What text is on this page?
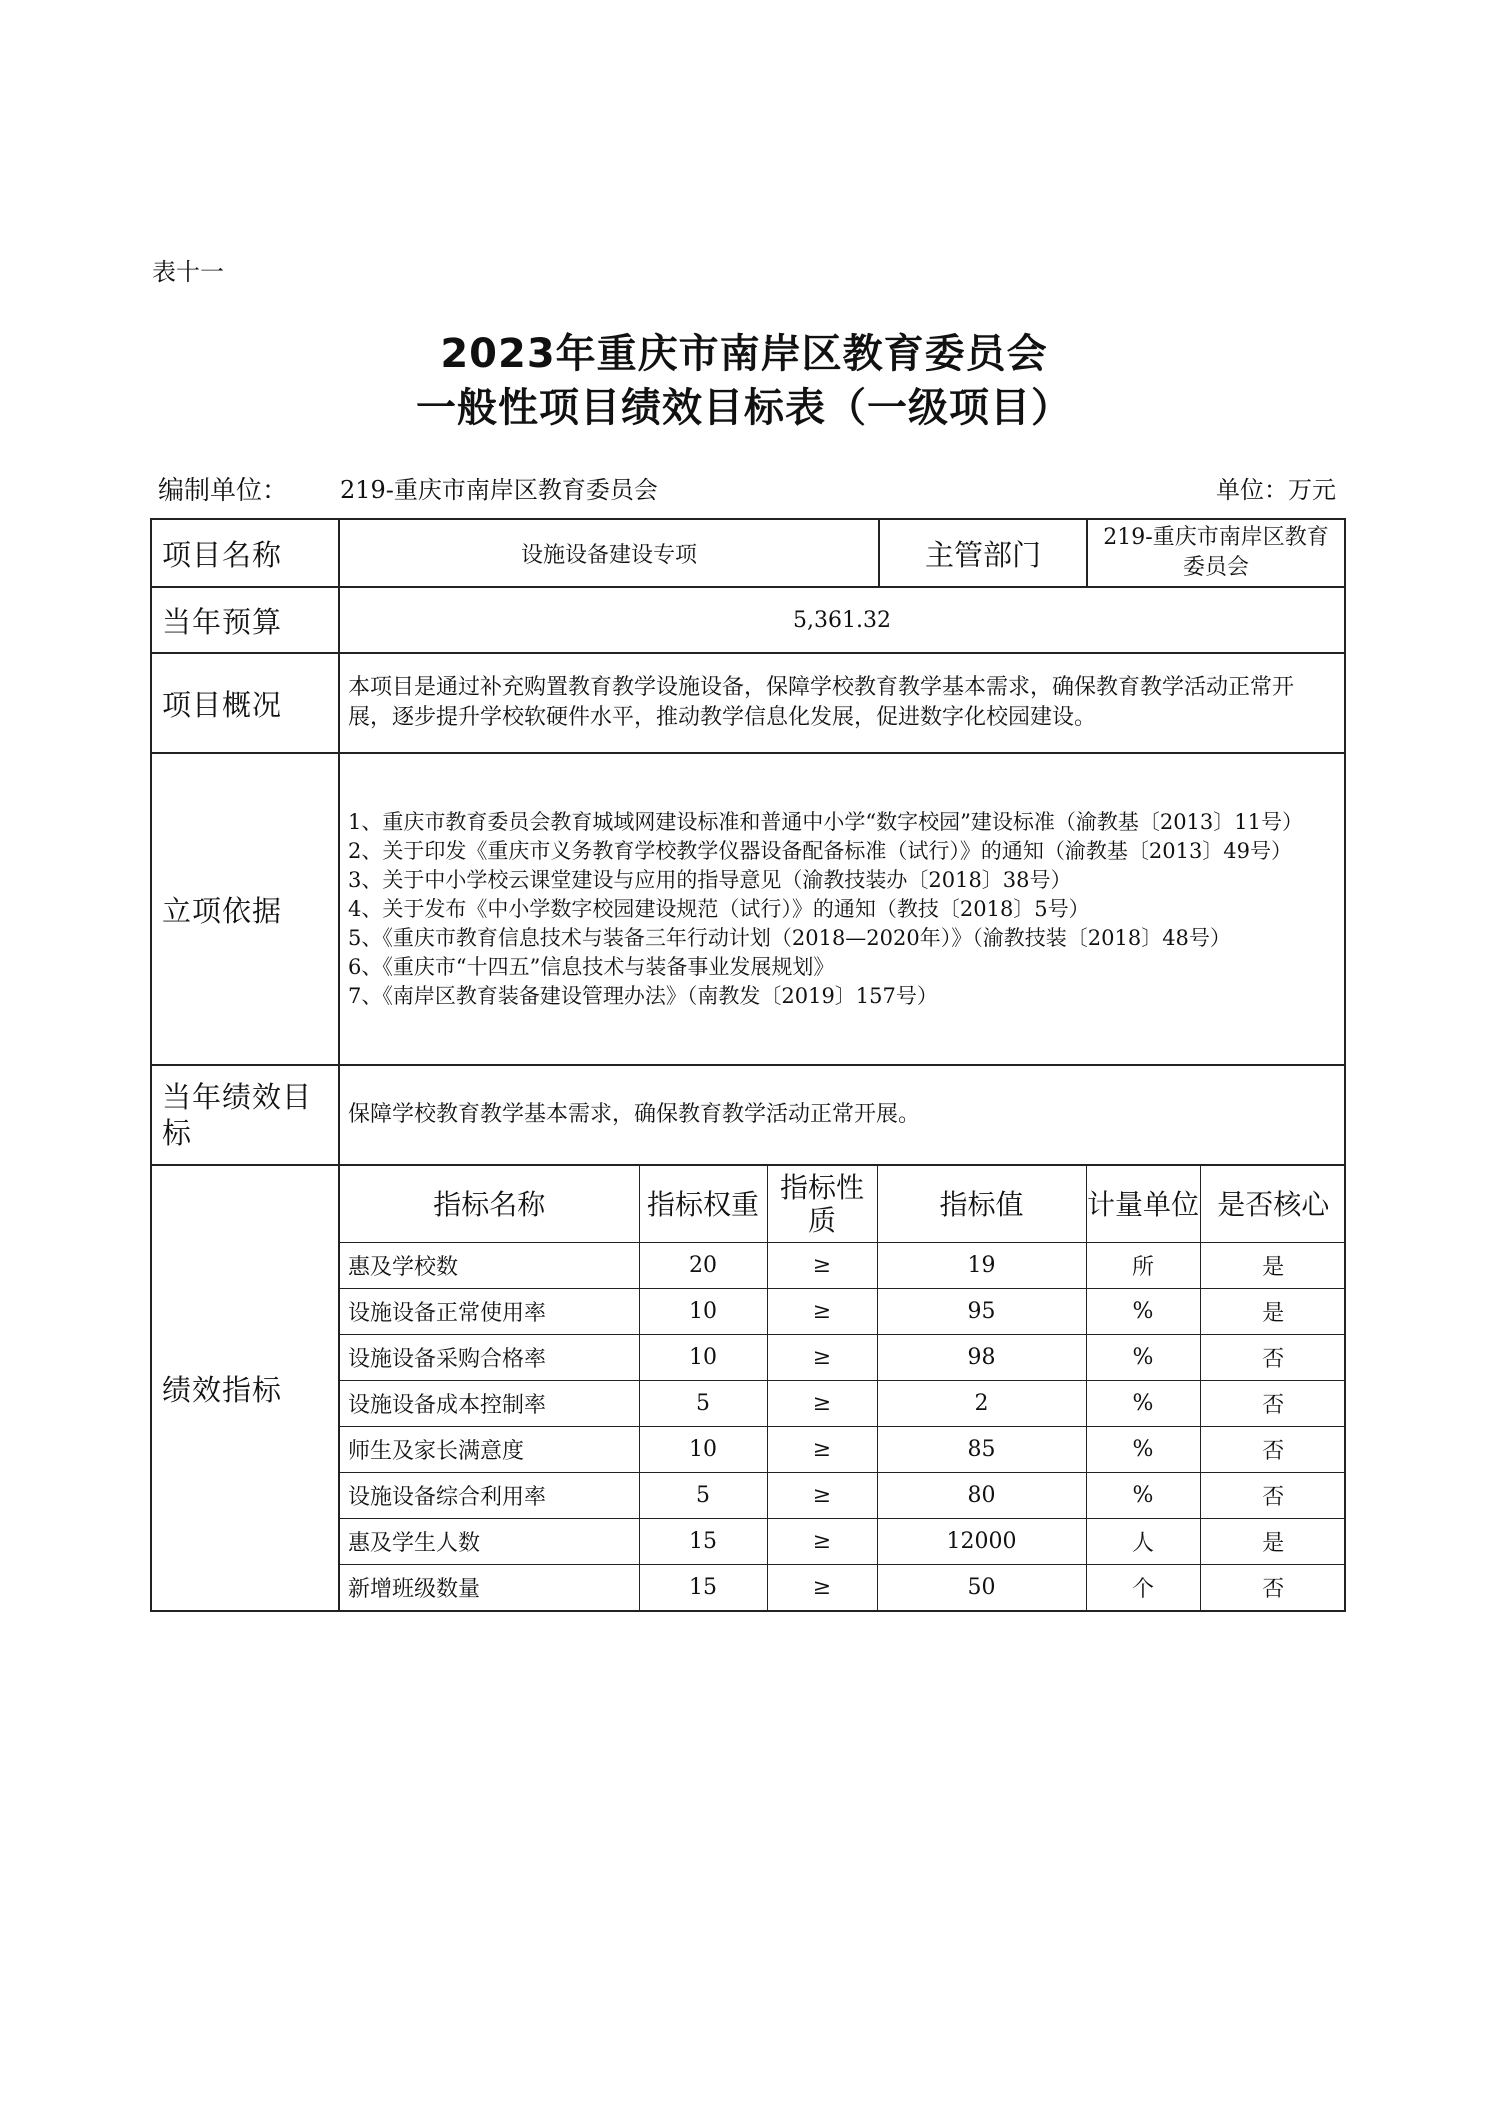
表十一
2023年重庆市南岸区教育委员会
一般性项目绩效目标表（一级项目）
编制单位： 219-重庆市南岸区教育委员会	单位：万元
项目名称	设施设备建设专项	主管部门	219-重庆市南岸区教育委员会
当年预算	5,361.32
项目概况	本项目是通过补充购置教育教学设施设备，保障学校教育教学基本需求，确保教育教学活动正常开展，逐步提升学校软硬件水平，推动教学信息化发展，促进数字化校园建设。
立项依据	

1、重庆市教育委员会教育城域网建设标准和普通中小学“数字校园”建设标准（渝教基〔2013〕11号）

2、关于印发《重庆市义务教育学校教学仪器设备配备标准（试行）》的通知（渝教基〔2013〕49号）

3、关于中小学校云课堂建设与应用的指导意见（渝教技装办〔2018〕38号）

4、关于发布《中小学数字校园建设规范（试行）》的通知（教技〔2018〕5号）

5、《重庆市教育信息技术与装备三年行动计划（2018—2020年）》（渝教技装〔2018〕48号）

6、《重庆市“十四五”信息技术与装备事业发展规划》

7、《南岸区教育装备建设管理办法》（南教发〔2019〕157号）

当年绩效目标	保障学校教育教学基本需求，确保教育教学活动正常开展。
绩效指标	
指标名称	指标权重	指标性质	指标值	计量单位	是否核心
惠及学校数	20	≥	19	所	是
设施设备正常使用率	10	≥	95	%	是
设施设备采购合格率	10	≥	98	%	否
设施设备成本控制率	5	≥	2	%	否
师生及家长满意度	10	≥	85	%	否
设施设备综合利用率	5	≥	80	%	否
惠及学生人数	15	≥	12000	人	是
新增班级数量	15	≥	50	个	否
